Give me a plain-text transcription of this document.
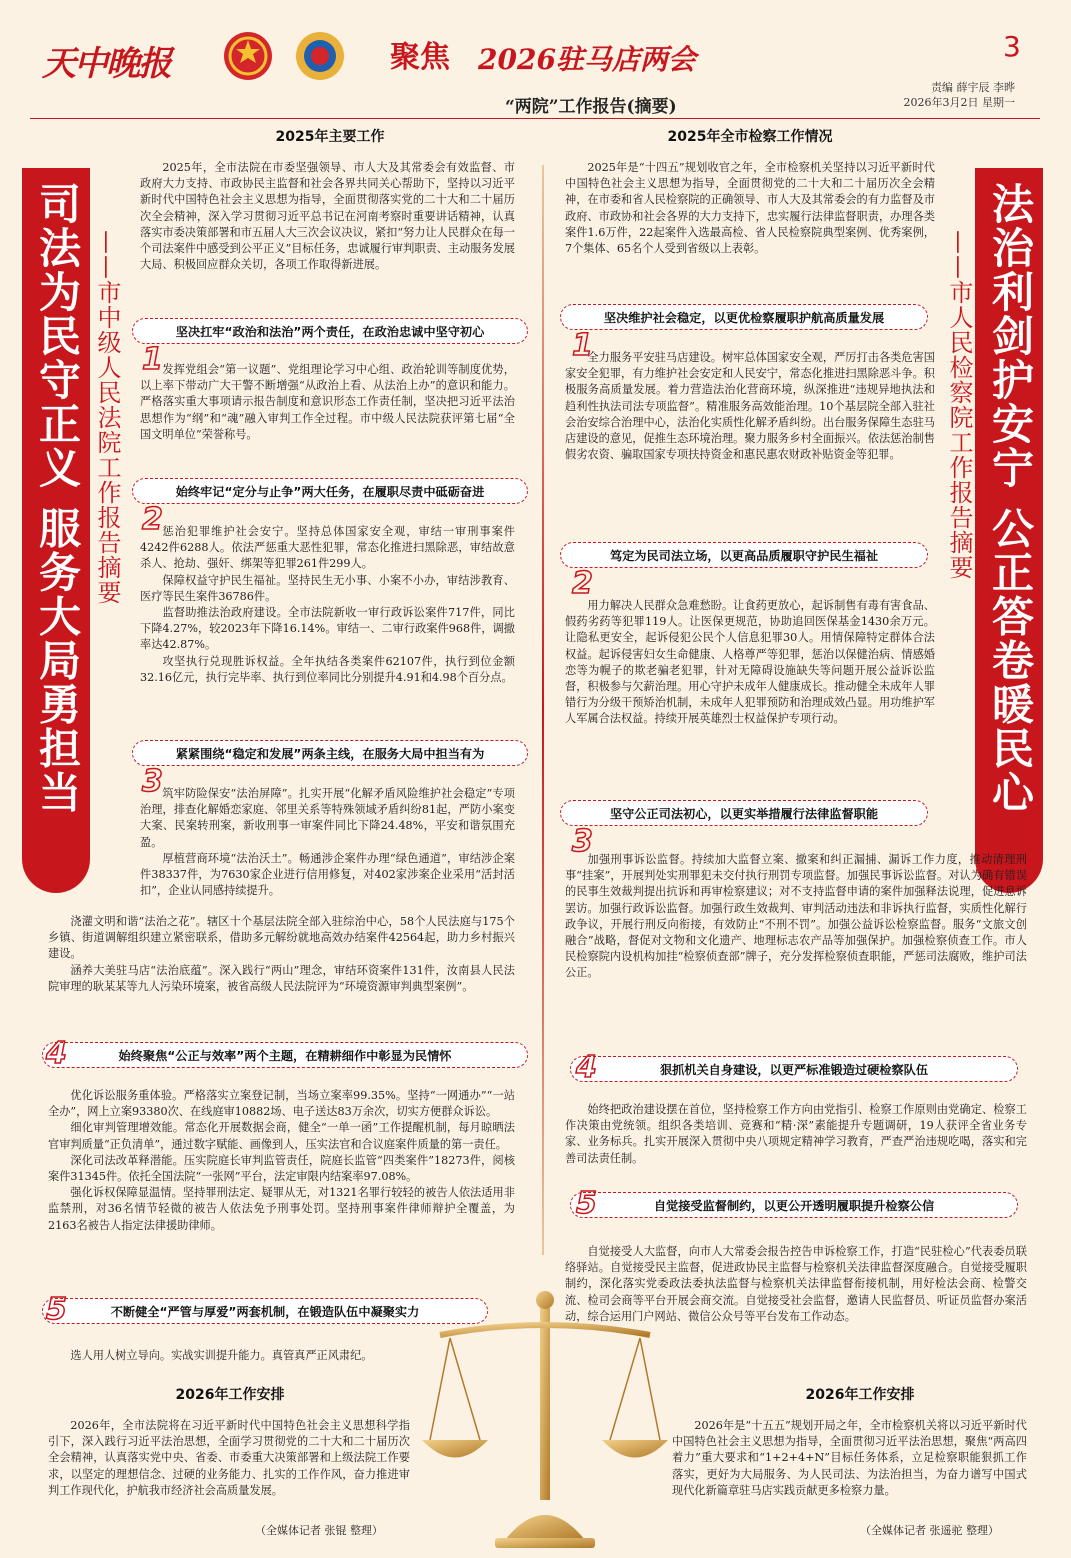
天中晚报	聚焦 2026驻马店两会	3
“两院”工作报告(摘要)
责编 薛宇辰 李晔
2026年3月2日 星期一
司法为民守正义 服务大局勇担当 ——市中级人民法院工作报告摘要	法治利剑护安宁 公正答卷暖民心
——市人民检察院工作报告摘要
2025年主要工作

2025年，全市法院在市委坚强领导、市人大及其常委会有效监督、市政府大力支持、市政协民主监督和社会各界共同关心帮助下，坚持以习近平新时代中国特色社会主义思想为指导，全面贯彻落实党的二十大和二十届历次全会精神，深入学习贯彻习近平总书记在河南考察时重要讲话精神，认真落实市委决策部署和市五届人大三次会议决议，紧扣“努力让人民群众在每一个司法案件中感受到公平正义”目标任务，忠诚履行审判职责、主动服务发展大局、积极回应群众关切，各项工作取得新进展。

坚决扛牢“政治和法治”两个责任，在政治忠诚中坚守初心
1 发挥党组会“第一议题”、党组理论学习中心组、政治轮训等制度优势，以上率下带动广大干警不断增强“从政治上看、从法治上办”的意识和能力。严格落实重大事项请示报告制度和意识形态工作责任制，坚决把习近平法治思想作为“纲”和“魂”融入审判工作全过程。市中级人民法院获评第七届“全国文明单位”荣誉称号。

始终牢记“定分与止争”两大任务，在履职尽责中砥砺奋进
2 惩治犯罪维护社会安宁。坚持总体国家安全观，审结一审刑事案件4242件6288人。依法严惩重大恶性犯罪，常态化推进扫黑除恶，审结故意杀人、抢劫、强奸、绑架等犯罪261件299人。

保障权益守护民生福祉。坚持民生无小事、小案不小办，审结涉教育、医疗等民生案件36786件。

监督助推法治政府建设。全市法院新收一审行政诉讼案件717件，同比下降4.27%，较2023年下降16.14%。审结一、二审行政案件968件，调撤率达42.87%。

攻坚执行兑现胜诉权益。全年执结各类案件62107件，执行到位金额32.16亿元，执行完毕率、执行到位率同比分别提升4.91和4.98个百分点。

紧紧围绕“稳定和发展”两条主线，在服务大局中担当有为
3 筑牢防险保安“法治屏障”。扎实开展“化解矛盾风险维护社会稳定”专项治理，排查化解婚恋家庭、邻里关系等特殊领域矛盾纠纷81起，严防小案变大案、民案转刑案，新收刑事一审案件同比下降24.48%，平安和谐氛围充盈。

厚植营商环境“法治沃土”。畅通涉企案件办理“绿色通道”，审结涉企案件38337件，为7630家企业进行信用修复，对402家涉案企业采用“活封活扣”，企业认同感持续提升。

浇灌文明和谐“法治之花”。辖区十个基层法院全部入驻综治中心，58个人民法庭与175个乡镇、街道调解组织建立紧密联系，借助多元解纷就地高效办结案件42564起，助力乡村振兴建设。

涵养大美驻马店“法治底蕴”。深入践行“两山”理念，审结环资案件131件，汝南县人民法院审理的耿某某等九人污染环境案，被省高级人民法院评为“环境资源审判典型案例”。

始终聚焦“公正与效率”两个主题，在精耕细作中彰显为民情怀
4

优化诉讼服务重体验。严格落实立案登记制，当场立案率99.35%。坚持“一网通办”“一站全办”，网上立案93380次、在线庭审10882场、电子送达83万余次，切实方便群众诉讼。

细化审判管理增效能。常态化开展数据会商，健全“一单一函”工作提醒机制，每月晾晒法官审判质量“正负清单”，通过数字赋能、画像到人，压实法官和合议庭案件质量的第一责任。

深化司法改革释潜能。压实院庭长审判监管责任，院庭长监管“四类案件”18273件，阅核案件31345件。依托全国法院“一张网”平台，法定审限内结案率97.08%。

强化诉权保障显温情。坚持罪刑法定、疑罪从无，对1321名罪行较轻的被告人依法适用非监禁刑，对36名情节轻微的被告人依法免予刑事处罚。坚持刑事案件律师辩护全覆盖，为2163名被告人指定法律援助律师。

不断健全“严管与厚爱”两套机制，在锻造队伍中凝聚实力
5

选人用人树立导向。实战实训提升能力。真管真严正风肃纪。

2026年工作安排

2026年，全市法院将在习近平新时代中国特色社会主义思想科学指引下，深入践行习近平法治思想，全面学习贯彻党的二十大和二十届历次全会精神，认真落实党中央、省委、市委重大决策部署和上级法院工作要求，以坚定的理想信念、过硬的业务能力、扎实的工作作风，奋力推进审判工作现代化，护航我市经济社会高质量发展。

（全媒体记者 张锟 整理）
2025年全市检察工作情况

2025年是“十四五”规划收官之年，全市检察机关坚持以习近平新时代中国特色社会主义思想为指导，全面贯彻党的二十大和二十届历次全会精神，在市委和省人民检察院的正确领导、市人大及其常委会的有力监督及市政府、市政协和社会各界的大力支持下，忠实履行法律监督职责，办理各类案件1.6万件，22起案件入选最高检、省人民检察院典型案例、优秀案例，7个集体、65名个人受到省级以上表彰。

坚决维护社会稳定，以更优检察履职护航高质量发展
1

全力服务平安驻马店建设。树牢总体国家安全观，严厉打击各类危害国家安全犯罪，有力维护社会安定和人民安宁，常态化推进扫黑除恶斗争。积极服务高质量发展。着力营造法治化营商环境，纵深推进“违规异地执法和趋利性执法司法专项监督”。精准服务高效能治理。10个基层院全部入驻社会治安综合治理中心，法治化实质性化解矛盾纠纷。出台服务保障生态驻马店建设的意见，促推生态环境治理。聚力服务乡村全面振兴。依法惩治制售假劣农资、骗取国家专项扶持资金和惠民惠农财政补贴资金等犯罪。

笃定为民司法立场，以更高品质履职守护民生福祉
2

用力解决人民群众急难愁盼。让食药更放心，起诉制售有毒有害食品、假药劣药等犯罪119人。让医保更规范，协助追回医保基金1430余万元。让隐私更安全，起诉侵犯公民个人信息犯罪30人。用情保障特定群体合法权益。起诉侵害妇女生命健康、人格尊严等犯罪，惩治以保健治病、情感婚恋等为幌子的欺老骗老犯罪，针对无障碍设施缺失等问题开展公益诉讼监督，积极参与欠薪治理。用心守护未成年人健康成长。推动健全未成年人罪错行为分级干预矫治机制，未成年人犯罪预防和治理成效凸显。用功维护军人军属合法权益。持续开展英雄烈士权益保护专项行动。

坚守公正司法初心，以更实举措履行法律监督职能
3

加强刑事诉讼监督。持续加大监督立案、撤案和纠正漏捕、漏诉工作力度，推动清理刑事“挂案”，开展判处实刑罪犯未交付执行刑罚专项监督。加强民事诉讼监督。对认为确有错误的民事生效裁判提出抗诉和再审检察建议；对不支持监督申请的案件加强释法说理，促进息诉罢访。加强行政诉讼监督。加强行政生效裁判、审判活动违法和非诉执行监督，实质性化解行政争议，开展行刑反向衔接，有效防止“不刑不罚”。加强公益诉讼检察监督。服务“文旅文创融合”战略，督促对文物和文化遗产、地理标志农产品等加强保护。加强检察侦查工作。市人民检察院内设机构加挂“检察侦查部”牌子，充分发挥检察侦查职能，严惩司法腐败，维护司法公正。

狠抓机关自身建设，以更严标准锻造过硬检察队伍
4

始终把政治建设摆在首位，坚持检察工作方向由党指引、检察工作原则由党确定、检察工作决策由党统领。组织各类培训、竞赛和“精·深”素能提升专题调研，19人获评全省业务专家、业务标兵。扎实开展深入贯彻中央八项规定精神学习教育，严查严治违规吃喝，落实和完善司法责任制。

自觉接受监督制约，以更公开透明履职提升检察公信
5

自觉接受人大监督，向市人大常委会报告控告申诉检察工作，打造“民驻检心”代表委员联络驿站。自觉接受民主监督，促进政协民主监督与检察机关法律监督深度融合。自觉接受履职制约，深化落实党委政法委执法监督与检察机关法律监督衔接机制，用好检法会商、检警交流、检司会商等平台开展会商交流。自觉接受社会监督，邀请人民监督员、听证员监督办案活动，综合运用门户网站、微信公众号等平台发布工作动态。

2026年工作安排

2026年是“十五五”规划开局之年，全市检察机关将以习近平新时代中国特色社会主义思想为指导，全面贯彻习近平法治思想，聚焦“两高四着力”重大要求和“1+2+4+N”目标任务体系，立足检察职能狠抓工作落实，更好为大局服务、为人民司法、为法治担当，为奋力谱写中国式现代化新篇章驻马店实践贡献更多检察力量。

（全媒体记者 张遥驼 整理）
